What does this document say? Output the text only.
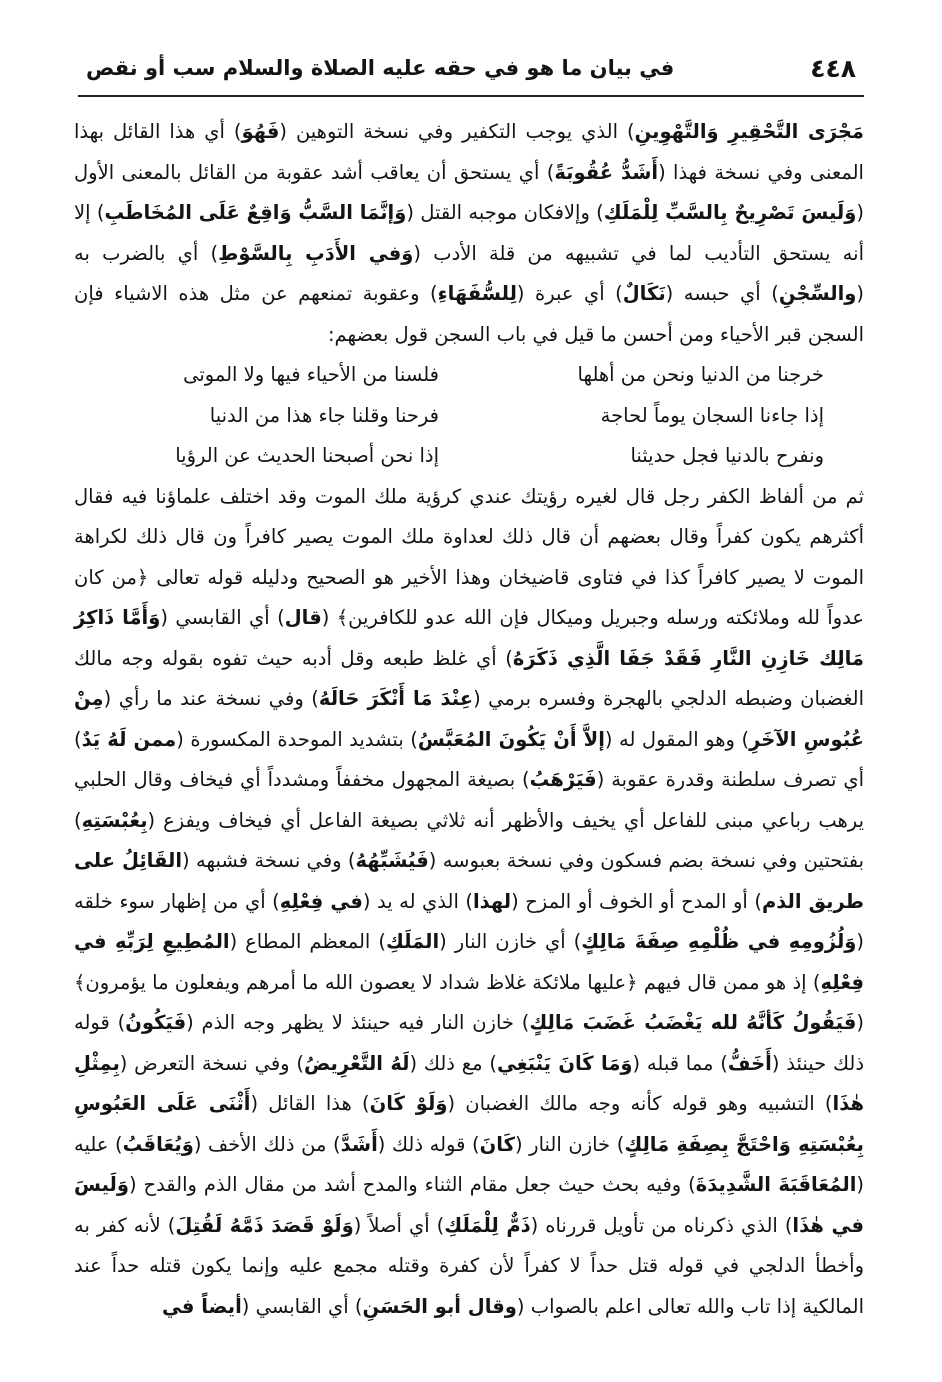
٤٤٨
في بيان ما هو في حقه عليه الصلاة والسلام سب أو نقص

مَجْرَى التَّحْقِيرِ وَالتَّهْوِينِ) الذي يوجب التكفير وفي نسخة التوهين (فَهُوَ) أي هذا القائل بهذا المعنى وفي نسخة فهذا (أَشَدُّ عُقُوبَةً) أي يستحق أن يعاقب أشد عقوبة من القائل بالمعنى الأول (وَلَيسَ تَصْرِيحٌ بِالسَّبِّ لِلْمَلَكِ) وإلافكان موجبه القتل (وَإنَّمَا السَّبُّ وَاقِعٌ عَلَى المُخَاطَبِ) إلا أنه يستحق التأديب لما في تشبيهه من قلة الأدب (وَفي الأَدَبِ بِالسَّوْطِ) أي بالضرب به (والسِّجْنِ) أي حبسه (نَكَالٌ) أي عبرة (لِلسُّفَهَاءِ) وعقوبة تمنعهم عن مثل هذه الاشياء فإن السجن قبر الأحياء ومن أحسن ما قيل في باب السجن قول بعضهم:

خرجنا من الدنيا ونحن من أهلها
فلسنا من الأحياء فيها ولا الموتى
إذا جاءنا السجان يوماً لحاجة
فرحنا وقلنا جاء هذا من الدنيا
ونفرح بالدنيا فجل حديثنا
إذا نحن أصبحنا الحديث عن الرؤيا

ثم من ألفاظ الكفر رجل قال لغيره رؤيتك عندي كرؤية ملك الموت وقد اختلف علماؤنا فيه فقال أكثرهم يكون كفراً وقال بعضهم أن قال ذلك لعداوة ملك الموت يصير كافراً ون قال ذلك لكراهة الموت لا يصير كافراً كذا في فتاوى قاضيخان وهذا الأخير هو الصحيح ودليله قوله تعالى ﴿من كان عدواً لله وملائكته ورسله وجبريل وميكال فإن الله عدو للكافرين﴾ (قال) أي القابسي (وَأَمَّا ذَاكِرُ مَالِك خَازِنِ النَّارِ فَقَدْ جَفَا الَّذِي ذَكَرَهُ) أي غلظ طبعه وقل أدبه حيث تفوه بقوله وجه مالك الغضبان وضبطه الدلجي بالهجرة وفسره برمي (عِنْدَ مَا أَنْكَرَ حَالَهُ) وفي نسخة عند ما رأي (مِنْ عُبُوسِ الآخَرِ) وهو المقول له (إلاَّ أَنْ يَكُونَ المُعَبَّسُ) بتشديد الموحدة المكسورة (ممن لَهُ يَدٌ) أي تصرف سلطنة وقدرة عقوبة (فَيَرْهَبُ) بصيغة المجهول مخففاً ومشدداً أي فيخاف وقال الحلبي يرهب رباعي مبنى للفاعل أي يخيف والأظهر أنه ثلاثي بصيغة الفاعل أي فيخاف ويفزع (بِعُبْسَتِهِ) بفتحتين وفي نسخة بضم فسكون وفي نسخة بعبوسه (فَيُشَبِّهُهُ) وفي نسخة فشبهه (القَائِلُ على طريق الذم) أو المدح أو الخوف أو المزح (لهذا) الذي له يد (في فِعْلِهِ) أي من إظهار سوء خلقه (وَلُزُومِهِ في ظُلْمِهِ صِفَةَ مَالِكٍ) أي خازن النار (المَلَكِ) المعظم المطاع (المُطِيعِ لِرَبِّهِ في فِعْلِهِ) إذ هو ممن قال فيهم ﴿عليها ملائكة غلاظ شداد لا يعصون الله ما أمرهم ويفعلون ما يؤمرون﴾ (فَيَقُولُ كَأنَّهُ لله يَغْضَبُ غَضَبَ مَالِكٍ) خازن النار فيه حينئذ لا يظهر وجه الذم (فَيَكُونُ) قوله ذلك حينئذ (أَخَفُّ) مما قبله (وَمَا كَانَ يَنْبَغِي) مع ذلك (لَهُ التَّعْرِيضُ) وفي نسخة التعرض (بِمِثْلِ هٰذَا) التشبيه وهو قوله كأنه وجه مالك الغضبان (وَلَوْ كَانَ) هذا القائل (أَثْنَى عَلَى العَبُوسِ بِعُبْسَتِهِ وَاحْتَجَّ بِصِفَةِ مَالِكٍ) خازن النار (كَانَ) قوله ذلك (أَشَدَّ) من ذلك الأخف (وَيُعَاقَبُ) عليه (المُعَاقَبَةَ الشَّدِيدَةَ) وفيه بحث حيث جعل مقام الثناء والمدح أشد من مقال الذم والقدح (وَلَيسَ في هٰذَا) الذي ذكرناه من تأويل قررناه (ذَمٌّ لِلْمَلَكِ) أي أصلاً (وَلَوْ قَصَدَ ذَمَّهُ لَقُتِلَ) لأنه كفر به وأخطأ الدلجي في قوله قتل حداً لا كفراً لأن كفرة وقتله مجمع عليه وإنما يكون قتله حداً عند المالكية إذا تاب والله تعالى اعلم بالصواب (وقال أبو الحَسَنِ) أي القابسي (أيضاً في
